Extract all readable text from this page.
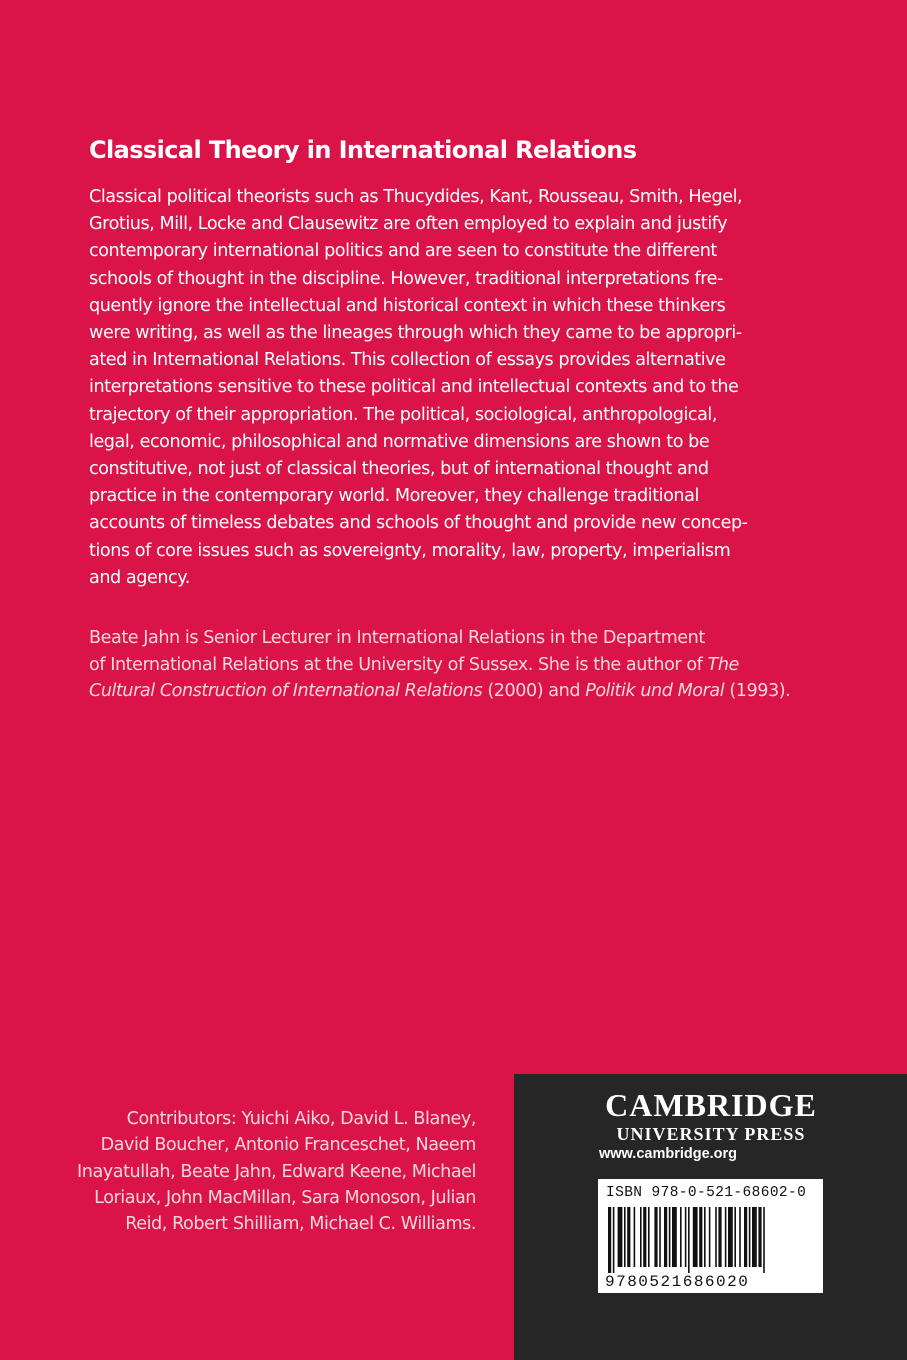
Classical Theory in International Relations
Classical political theorists such as Thucydides, Kant, Rousseau, Smith, Hegel,
Grotius, Mill, Locke and Clausewitz are often employed to explain and justify
contemporary international politics and are seen to constitute the different
schools of thought in the discipline. However, traditional interpretations fre-
quently ignore the intellectual and historical context in which these thinkers
were writing, as well as the lineages through which they came to be appropri-
ated in International Relations. This collection of essays provides alternative
interpretations sensitive to these political and intellectual contexts and to the
trajectory of their appropriation. The political, sociological, anthropological,
legal, economic, philosophical and normative dimensions are shown to be
constitutive, not just of classical theories, but of international thought and
practice in the contemporary world. Moreover, they challenge traditional
accounts of timeless debates and schools of thought and provide new concep-
tions of core issues such as sovereignty, morality, law, property, imperialism
and agency.
Beate Jahn is Senior Lecturer in International Relations in the Department
of International Relations at the University of Sussex. She is the author of The
Cultural Construction of International Relations (2000) and Politik und Moral (1993).
Contributors: Yuichi Aiko, David L. Blaney,
David Boucher, Antonio Franceschet, Naeem
Inayatullah, Beate Jahn, Edward Keene, Michael
Loriaux, John MacMillan, Sara Monoson, Julian
Reid, Robert Shilliam, Michael C. Williams.
CAMBRIDGE
UNIVERSITY PRESS
www.cambridge.org
ISBN 978-0-521-68602-0
9780521686020
